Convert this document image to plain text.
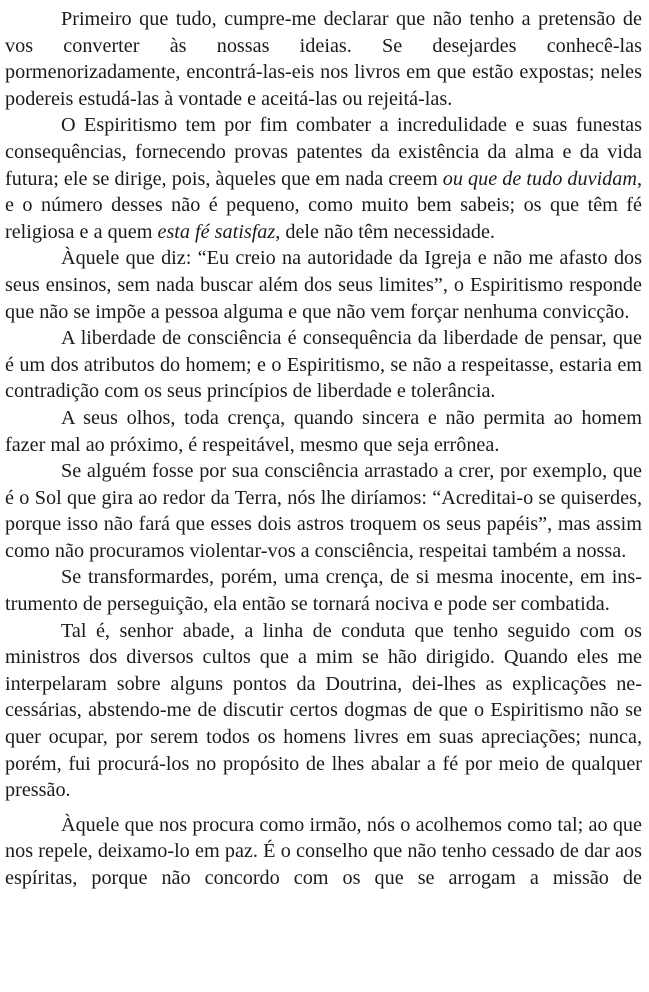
Primeiro que tudo, cumpre-me declarar que não tenho a pretensão de vos converter às nossas ideias. Se desejardes conhecê-las pormenorizadamente, encontrá-las-eis nos livros em que estão expostas; neles podereis estudá-las à vontade e aceitá-las ou rejeitá-las.

O Espiritismo tem por fim combater a incredulidade e suas funestas consequências, fornecendo provas patentes da existência da alma e da vida futura; ele se dirige, pois, àqueles que em nada creem ou que de tudo duvidam, e o número desses não é pequeno, como muito bem sabeis; os que têm fé religiosa e a quem esta fé satisfaz, dele não têm necessidade.

Àquele que diz: “Eu creio na autoridade da Igreja e não me afasto dos seus ensinos, sem nada buscar além dos seus limites”, o Espiritismo responde que não se impõe a pessoa alguma e que não vem forçar nenhuma convicção.

A liberdade de consciência é consequência da liberdade de pensar, que é um dos atributos do homem; e o Espiritismo, se não a respeitasse, estaria em contradição com os seus princípios de liberdade e tolerância.

A seus olhos, toda crença, quando sincera e não permita ao homem fazer mal ao próximo, é respeitável, mesmo que seja errônea.

Se alguém fosse por sua consciência arrastado a crer, por exemplo, que é o Sol que gira ao redor da Terra, nós lhe diríamos: “Acreditai-o se quiserdes, porque isso não fará que esses dois astros troquem os seus papéis”, mas assim como não procuramos violentar-vos a consciência, respeitai também a nossa.

Se transformardes, porém, uma crença, de si mesma inocente, em instrumento de perseguição, ela então se tornará nociva e pode ser combatida.

Tal é, senhor abade, a linha de conduta que tenho seguido com os ministros dos diversos cultos que a mim se hão dirigido. Quando eles me interpelaram sobre alguns pontos da Doutrina, dei-lhes as explicações necessárias, abstendo-me de discutir certos dogmas de que o Espiritismo não se quer ocupar, por serem todos os homens livres em suas apreciações; nunca, porém, fui procurá-los no propósito de lhes abalar a fé por meio de qualquer pressão.

Àquele que nos procura como irmão, nós o acolhemos como tal; ao que nos repele, deixamo-lo em paz. É o conselho que não tenho cessado de dar aos espíritas, porque não concordo com os que se arrogam a missão de
